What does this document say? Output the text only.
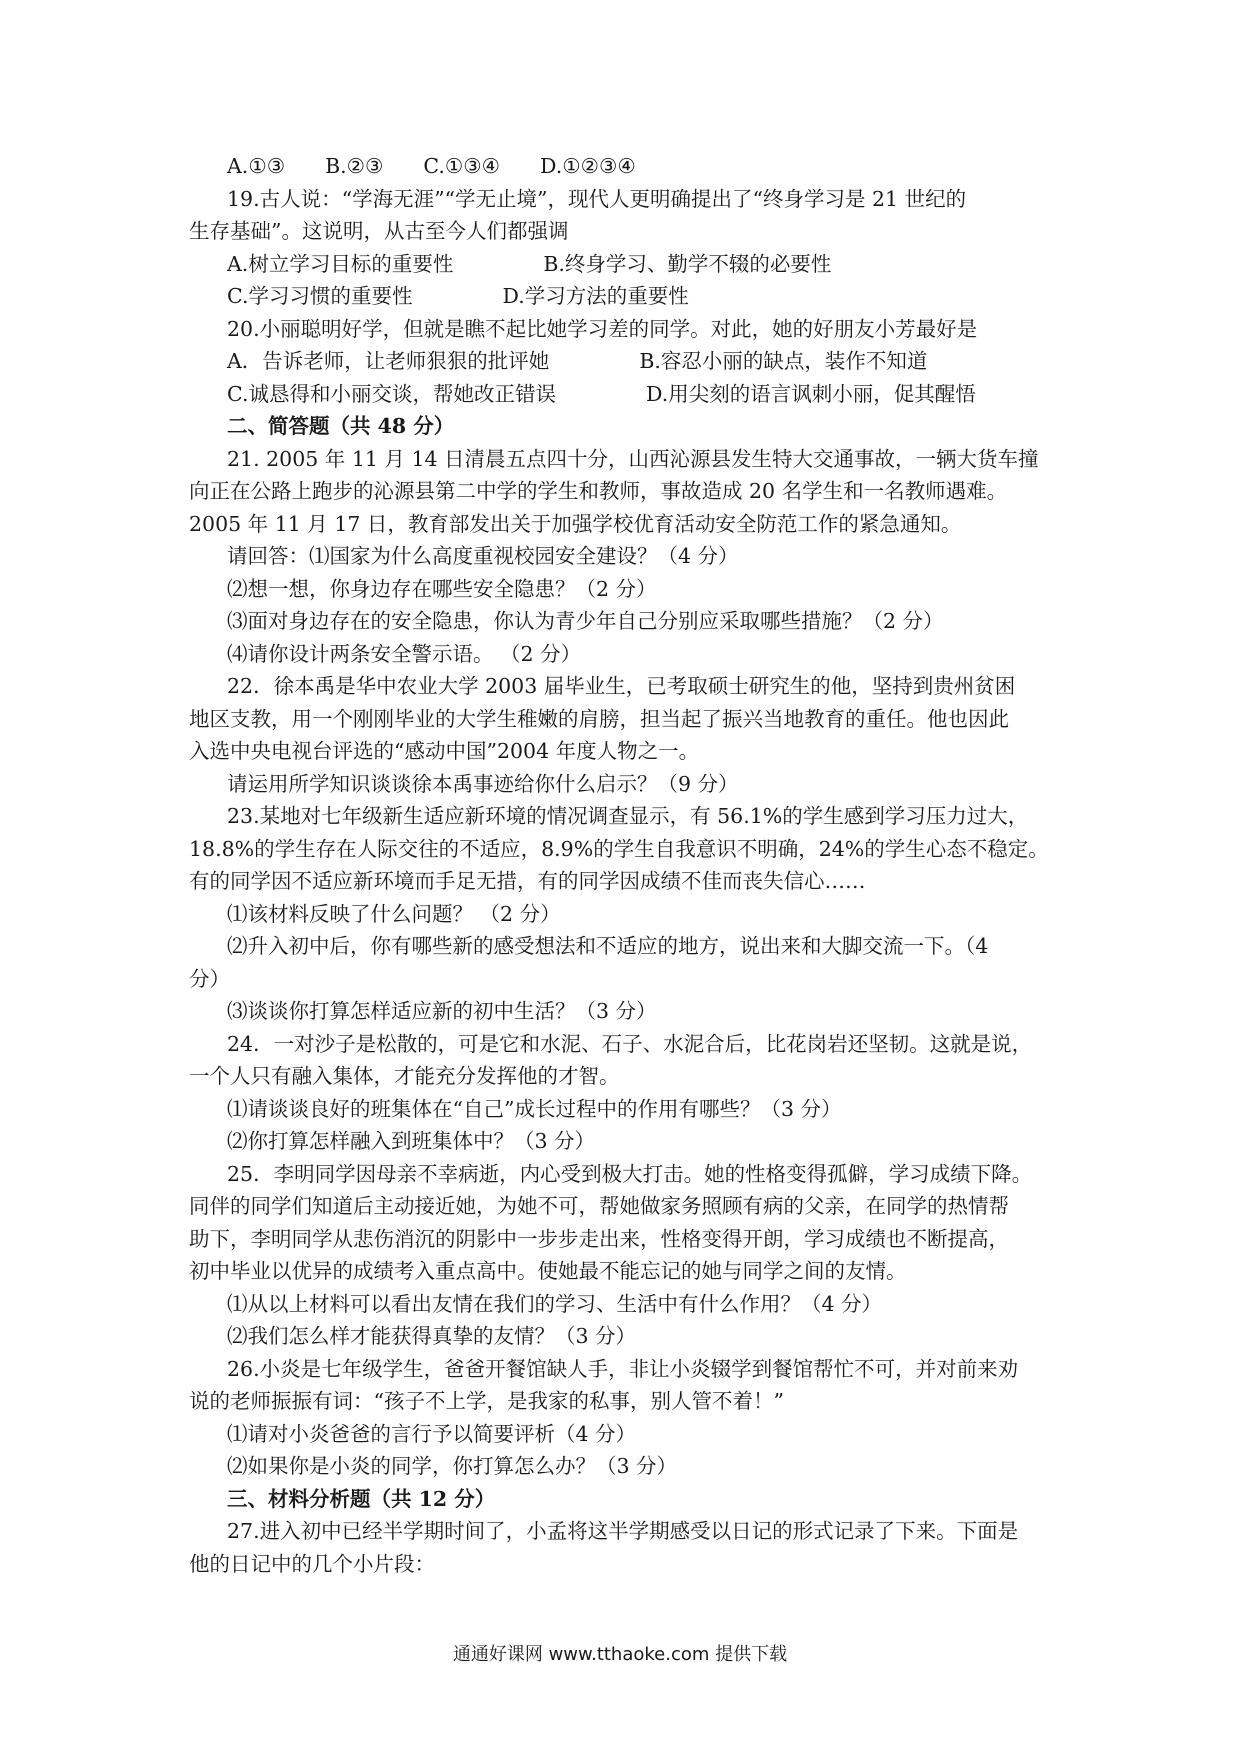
A.①③ B.②③ C.①③④ D.①②③④
19.古人说：“学海无涯”“学无止境”，现代人更明确提出了“终身学习是 21 世纪的
生存基础”。这说明，从古至今人们都强调
A.树立学习目标的重要性	B.终身学习、勤学不辍的必要性
C.学习习惯的重要性	D.学习方法的重要性
20.小丽聪明好学，但就是瞧不起比她学习差的同学。对此，她的好朋友小芳最好是
A．告诉老师，让老师狠狠的批评她	B.容忍小丽的缺点，装作不知道
C.诚恳得和小丽交谈，帮她改正错误	D.用尖刻的语言讽刺小丽，促其醒悟
二、简答题（共 48 分）
21. 2005 年 11 月 14 日清晨五点四十分，山西沁源县发生特大交通事故，一辆大货车撞
向正在公路上跑步的沁源县第二中学的学生和教师，事故造成 20 名学生和一名教师遇难。
2005 年 11 月 17 日，教育部发出关于加强学校优育活动安全防范工作的紧急通知。
请回答：⑴国家为什么高度重视校园安全建设？（4 分）
⑵想一想，你身边存在哪些安全隐患？（2 分）
⑶面对身边存在的安全隐患，你认为青少年自己分别应采取哪些措施？（2 分）
⑷请你设计两条安全警示语。 （2 分）
22．徐本禹是华中农业大学 2003 届毕业生，已考取硕士研究生的他，坚持到贵州贫困
地区支教，用一个刚刚毕业的大学生稚嫩的肩膀，担当起了振兴当地教育的重任。他也因此
入选中央电视台评选的“感动中国”2004 年度人物之一。
请运用所学知识谈谈徐本禹事迹给你什么启示？（9 分）
23.某地对七年级新生适应新环境的情况调查显示，有 56.1%的学生感到学习压力过大，
18.8%的学生存在人际交往的不适应，8.9%的学生自我意识不明确，24%的学生心态不稳定。
有的同学因不适应新环境而手足无措，有的同学因成绩不佳而丧失信心……
⑴该材料反映了什么问题？ （2 分）
⑵升入初中后，你有哪些新的感受想法和不适应的地方，说出来和大脚交流一下。（4
分）
⑶谈谈你打算怎样适应新的初中生活？（3 分）
24．一对沙子是松散的，可是它和水泥、石子、水泥合后，比花岗岩还坚韧。这就是说，
一个人只有融入集体，才能充分发挥他的才智。
⑴请谈谈良好的班集体在“自己”成长过程中的作用有哪些？（3 分）
⑵你打算怎样融入到班集体中？（3 分）
25．李明同学因母亲不幸病逝，内心受到极大打击。她的性格变得孤僻，学习成绩下降。
同伴的同学们知道后主动接近她，为她不可，帮她做家务照顾有病的父亲，在同学的热情帮
助下，李明同学从悲伤消沉的阴影中一步步走出来，性格变得开朗，学习成绩也不断提高，
初中毕业以优异的成绩考入重点高中。使她最不能忘记的她与同学之间的友情。
⑴从以上材料可以看出友情在我们的学习、生活中有什么作用？（4 分）
⑵我们怎么样才能获得真挚的友情？（3 分）
26.小炎是七年级学生，爸爸开餐馆缺人手，非让小炎辍学到餐馆帮忙不可，并对前来劝
说的老师振振有词：“孩子不上学，是我家的私事，别人管不着！”
⑴请对小炎爸爸的言行予以简要评析（4 分）
⑵如果你是小炎的同学，你打算怎么办？（3 分）
三、材料分析题（共 12 分）
27.进入初中已经半学期时间了，小孟将这半学期感受以日记的形式记录了下来。下面是
他的日记中的几个小片段：
通通好课网 www.tthaoke.com 提供下载
